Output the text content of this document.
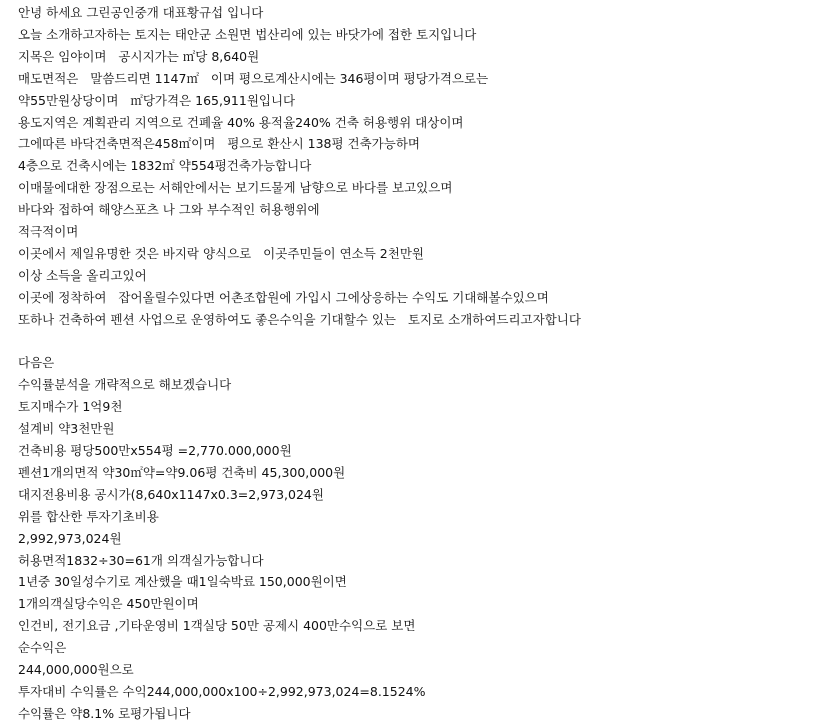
안녕 하세요 그린공인중개 대표황규섭 입니다
오늘 소개하고자하는 토지는 태안군 소원면 법산리에 있는 바닷가에 접한 토지입니다
지목은 임야이며   공시지가는 ㎡당 8,640원
매도면적은   말씀드리면 1147㎡   이며 평으로계산시에는 346평이며 평당가격으로는
약55만원상당이며   ㎡당가격은 165,911원입니다
용도지역은 계획관리 지역으로 건폐율 40% 용적율240% 건축 허용행위 대상이며
그에따른 바닥건축면적은458㎡이며   평으로 환산시 138평 건축가능하며
4층으로 건축시에는 1832㎡ 약554평건축가능합니다
이매물에대한 장점으로는 서해안에서는 보기드물게 남향으로 바다를 보고있으며
바다와 접하여 해양스포츠 나 그와 부수적인 허용행위에
적극적이며
이곳에서 제일유명한 것은 바지락 양식으로   이곳주민들이 연소득 2천만원
이상 소득을 올리고있어
이곳에 정착하여   잡어올릴수있다면 어촌조합원에 가입시 그에상응하는 수익도 기대해볼수있으며
또하나 건축하여 펜션 사업으로 운영하여도 좋은수익을 기대할수 있는   토지로 소개하여드리고자합니다
다음은
수익률분석을 개략적으로 해보겠습니다
토지매수가 1억9천
설계비 약3천만원
건축비용 평당500만x554평 =2,770.000,000원
펜션1개의면적 약30㎡약=약9.06평 건축비 45,300,000원
대지전용비용 공시가(8,640x1147x0.3=2,973,024원
위를 합산한 투자기초비용
2,992,973,024원
허용면적1832÷30=61개 의객실가능합니다
1년중 30일성수기로 계산했을 때1일숙박료 150,000원이면
1개의객실당수익은 450만원이며
인건비, 전기요금 ,기타운영비 1객실당 50만 공제시 400만수익으로 보면
순수익은
244,000,000원으로
투자대비 수익률은 수익244,000,000x100÷2,992,973,024=8.1524%
수익률은 약8.1% 로평가됩니다
